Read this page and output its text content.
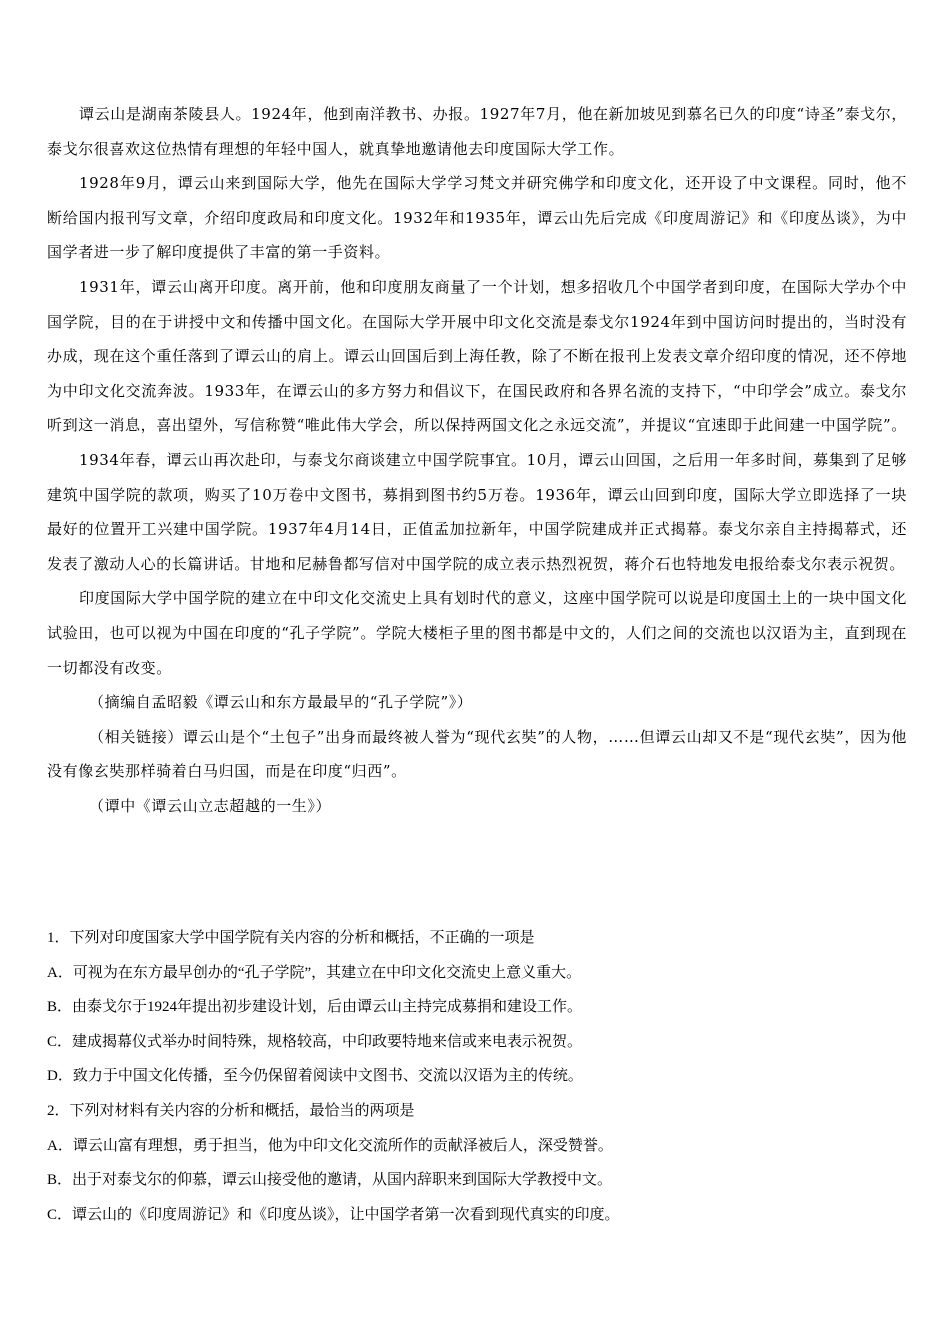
谭云山是湖南茶陵县人。1924年，他到南洋教书、办报。1927年7月，他在新加坡见到慕名已久的印度“诗圣”泰戈尔，泰戈尔很喜欢这位热情有理想的年轻中国人，就真挚地邀请他去印度国际大学工作。

1928年9月，谭云山来到国际大学，他先在国际大学学习梵文并研究佛学和印度文化，还开设了中文课程。同时，他不断给国内报刊写文章，介绍印度政局和印度文化。1932年和1935年，谭云山先后完成《印度周游记》和《印度丛谈》，为中国学者进一步了解印度提供了丰富的第一手资料。

1931年，谭云山离开印度。离开前，他和印度朋友商量了一个计划，想多招收几个中国学者到印度，在国际大学办个中国学院，目的在于讲授中文和传播中国文化。在国际大学开展中印文化交流是泰戈尔1924年到中国访问时提出的，当时没有办成，现在这个重任落到了谭云山的肩上。谭云山回国后到上海任教，除了不断在报刊上发表文章介绍印度的情况，还不停地为中印文化交流奔波。1933年，在谭云山的多方努力和倡议下，在国民政府和各界名流的支持下，“中印学会”成立。泰戈尔听到这一消息，喜出望外，写信称赞“唯此伟大学会，所以保持两国文化之永远交流”，并提议“宜速即于此间建一中国学院”。

1934年春，谭云山再次赴印，与泰戈尔商谈建立中国学院事宜。10月，谭云山回国，之后用一年多时间，募集到了足够建筑中国学院的款项，购买了10万卷中文图书，募捐到图书约5万卷。1936年，谭云山回到印度，国际大学立即选择了一块最好的位置开工兴建中国学院。1937年4月14日，正值孟加拉新年，中国学院建成并正式揭幕。泰戈尔亲自主持揭幕式，还发表了激动人心的长篇讲话。甘地和尼赫鲁都写信对中国学院的成立表示热烈祝贺，蒋介石也特地发电报给泰戈尔表示祝贺。

印度国际大学中国学院的建立在中印文化交流史上具有划时代的意义，这座中国学院可以说是印度国土上的一块中国文化试验田，也可以视为中国在印度的“孔子学院”。学院大楼柜子里的图书都是中文的，人们之间的交流也以汉语为主，直到现在一切都没有改变。

（摘编自孟昭毅《谭云山和东方最最早的“孔子学院”》）

（相关链接）谭云山是个“土包子”出身而最终被人誉为“现代玄奘”的人物，……但谭云山却又不是“现代玄奘”，因为他没有像玄奘那样骑着白马归国，而是在印度“归西”。

（谭中《谭云山立志超越的一生》）

1．下列对印度国家大学中国学院有关内容的分析和概括，不正确的一项是
A．可视为在东方最早创办的“孔子学院”，其建立在中印文化交流史上意义重大。
B．由泰戈尔于1924年提出初步建设计划，后由谭云山主持完成募捐和建设工作。
C．建成揭幕仪式举办时间特殊，规格较高，中印政要特地来信或来电表示祝贺。
D．致力于中国文化传播，至今仍保留着阅读中文图书、交流以汉语为主的传统。
2．下列对材料有关内容的分析和概括，最恰当的两项是
A．谭云山富有理想，勇于担当，他为中印文化交流所作的贡献泽被后人，深受赞誉。
B．出于对泰戈尔的仰慕，谭云山接受他的邀请，从国内辞职来到国际大学教授中文。
C．谭云山的《印度周游记》和《印度丛谈》，让中国学者第一次看到现代真实的印度。
